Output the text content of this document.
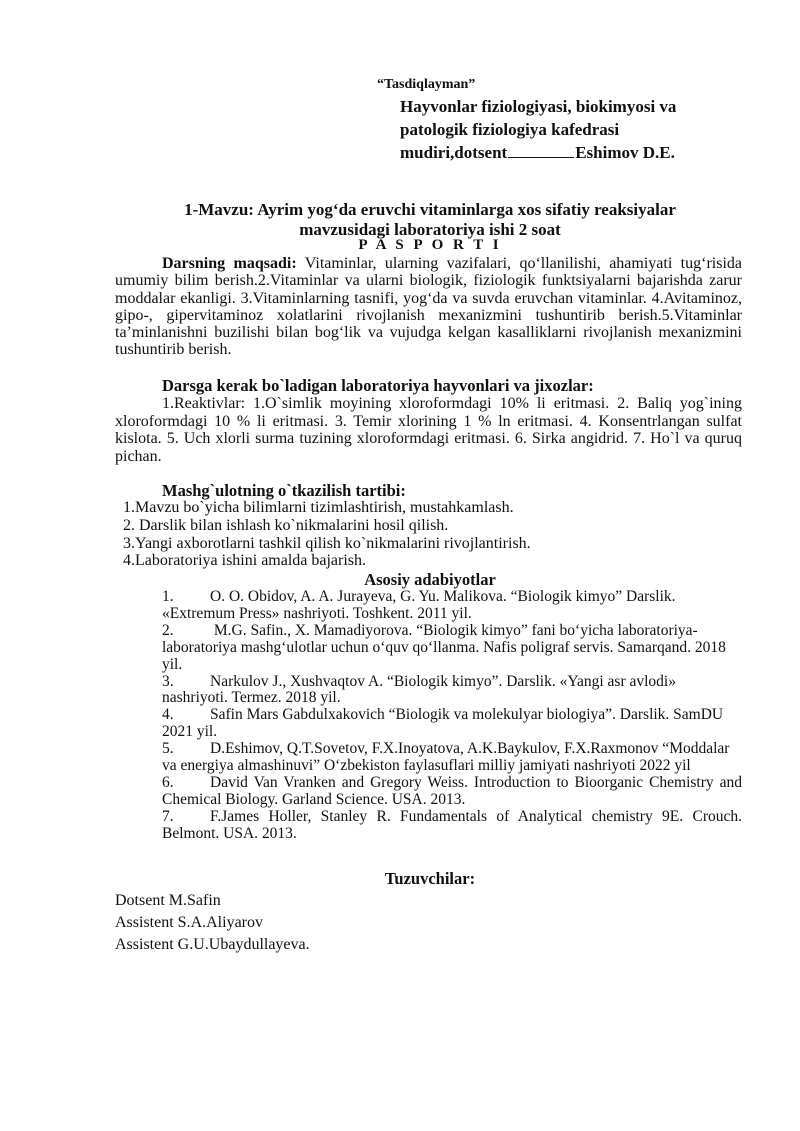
“Tasdiqlayman”
Hayvonlar fiziologiyasi, biokimyosi va
patologik fiziologiya kafedrasi
mudiri,dotsent	Eshimov D.E.
1-Mavzu: Ayrim yog‘da eruvchi vitaminlarga xos sifatiy reaksiyalar
mavzusidagi laboratoriya ishi 2 soat
P A S P O R T I
Darsning maqsadi: Vitaminlar, ularning vazifalari, qo‘llanilishi, ahamiyati tug‘risida umumiy bilim berish.2.Vitaminlar va ularni biologik, fiziologik funktsiyalarni bajarishda zarur moddalar ekanligi. 3.Vitaminlarning tasnifi, yog‘da va suvda eruvchan vitaminlar. 4.Avitaminoz, gipo-, gipervitaminoz xolatlarini rivojlanish mexanizmini tushuntirib berish.5.Vitaminlar ta’minlanishni buzilishi bilan bog‘lik va vujudga kelgan kasalliklarni rivojlanish mexanizmini tushuntirib berish.
Darsga kerak bo`ladigan laboratoriya hayvonlari va jixozlar:
1.Reaktivlar: 1.O`simlik moyining xloroformdagi 10% li eritmasi. 2. Baliq yog`ining xloroformdagi 10 % li eritmasi. 3. Temir xlorining 1 % ln eritmasi. 4. Konsentrlangan sulfat kislota. 5. Uch xlorli surma tuzining xloroformdagi eritmasi. 6. Sirka angidrid. 7. Ho`l va quruq pichan.
Mashg`ulotning o`tkazilish tartibi:
1.Mavzu bo`yicha bilimlarni tizimlashtirish, mustahkamlash.
2. Darslik bilan ishlash ko`nikmalarini hosil qilish.
3.Yangi axborotlarni tashkil qilish ko`nikmalarini rivojlantirish.
4.Laboratoriya ishini amalda bajarish.
Asosiy adabiyotlar
1. O. O. Obidov, A. A. Jurayeva, G. Yu. Malikova. “Biologik kimyo” Darslik. «Extremum Press» nashriyoti. Toshkent. 2011 yil.
2. M.G. Safin., X. Mamadiyorova. “Biologik kimyo” fani bo‘yicha laboratoriya-laboratoriya mashg‘ulotlar uchun o‘quv qo‘llanma. Nafis poligraf servis. Samarqand. 2018 yil.
3. Narkulov J., Xushvaqtov A. “Biologik kimyo”. Darslik. «Yangi asr avlodi» nashriyoti. Termez. 2018 yil.
4. Safin Mars Gabdulxakovich “Biologik va molekulyar biologiya”. Darslik. SamDU 2021 yil.
5. D.Eshimov, Q.T.Sovetov, F.X.Inoyatova, A.K.Baykulov, F.X.Raxmonov “Moddalar va energiya almashinuvi” O‘zbekiston faylasuflari milliy jamiyati nashriyoti 2022 yil
6. David Van Vranken and Gregory Weiss. Introduction to Bioorganic Chemistry and Chemical Biology. Garland Science. USA. 2013.
7. F.James Holler, Stanley R. Fundamentals of Analytical chemistry 9E. Crouch. Belmont. USA. 2013.
Tuzuvchilar:
Dotsent M.Safin
Assistent S.A.Aliyarov
Assistent G.U.Ubaydullayeva.
